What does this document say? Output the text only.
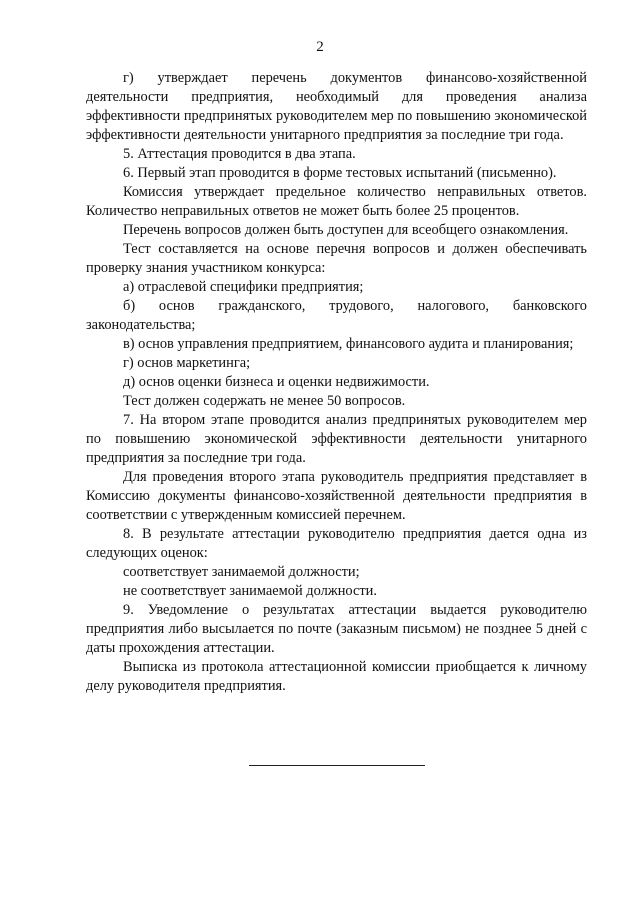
2

г) утверждает перечень документов финансово-хозяйственной деятельности предприятия, необходимый для проведения анализа эффективности предпринятых руководителем мер по повышению экономической эффективности деятельности унитарного предприятия за последние три года.

5. Аттестация проводится в два этапа.

6. Первый этап проводится в форме тестовых испытаний (письменно).

Комиссия утверждает предельное количество неправильных ответов. Количество неправильных ответов не может быть более 25 процентов.

Перечень вопросов должен быть доступен для всеобщего ознакомления.

Тест составляется на основе перечня вопросов и должен обеспечивать проверку знания участником конкурса:

а) отраслевой специфики предприятия;

б) основ гражданского, трудового, налогового, банковского законодательства;

в) основ управления предприятием, финансового аудита и планирования;

г) основ маркетинга;

д) основ оценки бизнеса и оценки недвижимости.

Тест должен содержать не менее 50 вопросов.

7. На втором этапе проводится анализ предпринятых руководителем мер по повышению экономической эффективности деятельности унитарного предприятия за последние три года.

Для проведения второго этапа руководитель предприятия представляет в Комиссию документы финансово-хозяйственной деятельности предприятия в соответствии с утвержденным комиссией перечнем.

8. В результате аттестации руководителю предприятия дается одна из следующих оценок:

соответствует занимаемой должности;

не соответствует занимаемой должности.

9. Уведомление о результатах аттестации выдается руководителю предприятия либо высылается по почте (заказным письмом) не позднее 5 дней с даты прохождения аттестации.

Выписка из протокола аттестационной комиссии приобщается к личному делу руководителя предприятия.
